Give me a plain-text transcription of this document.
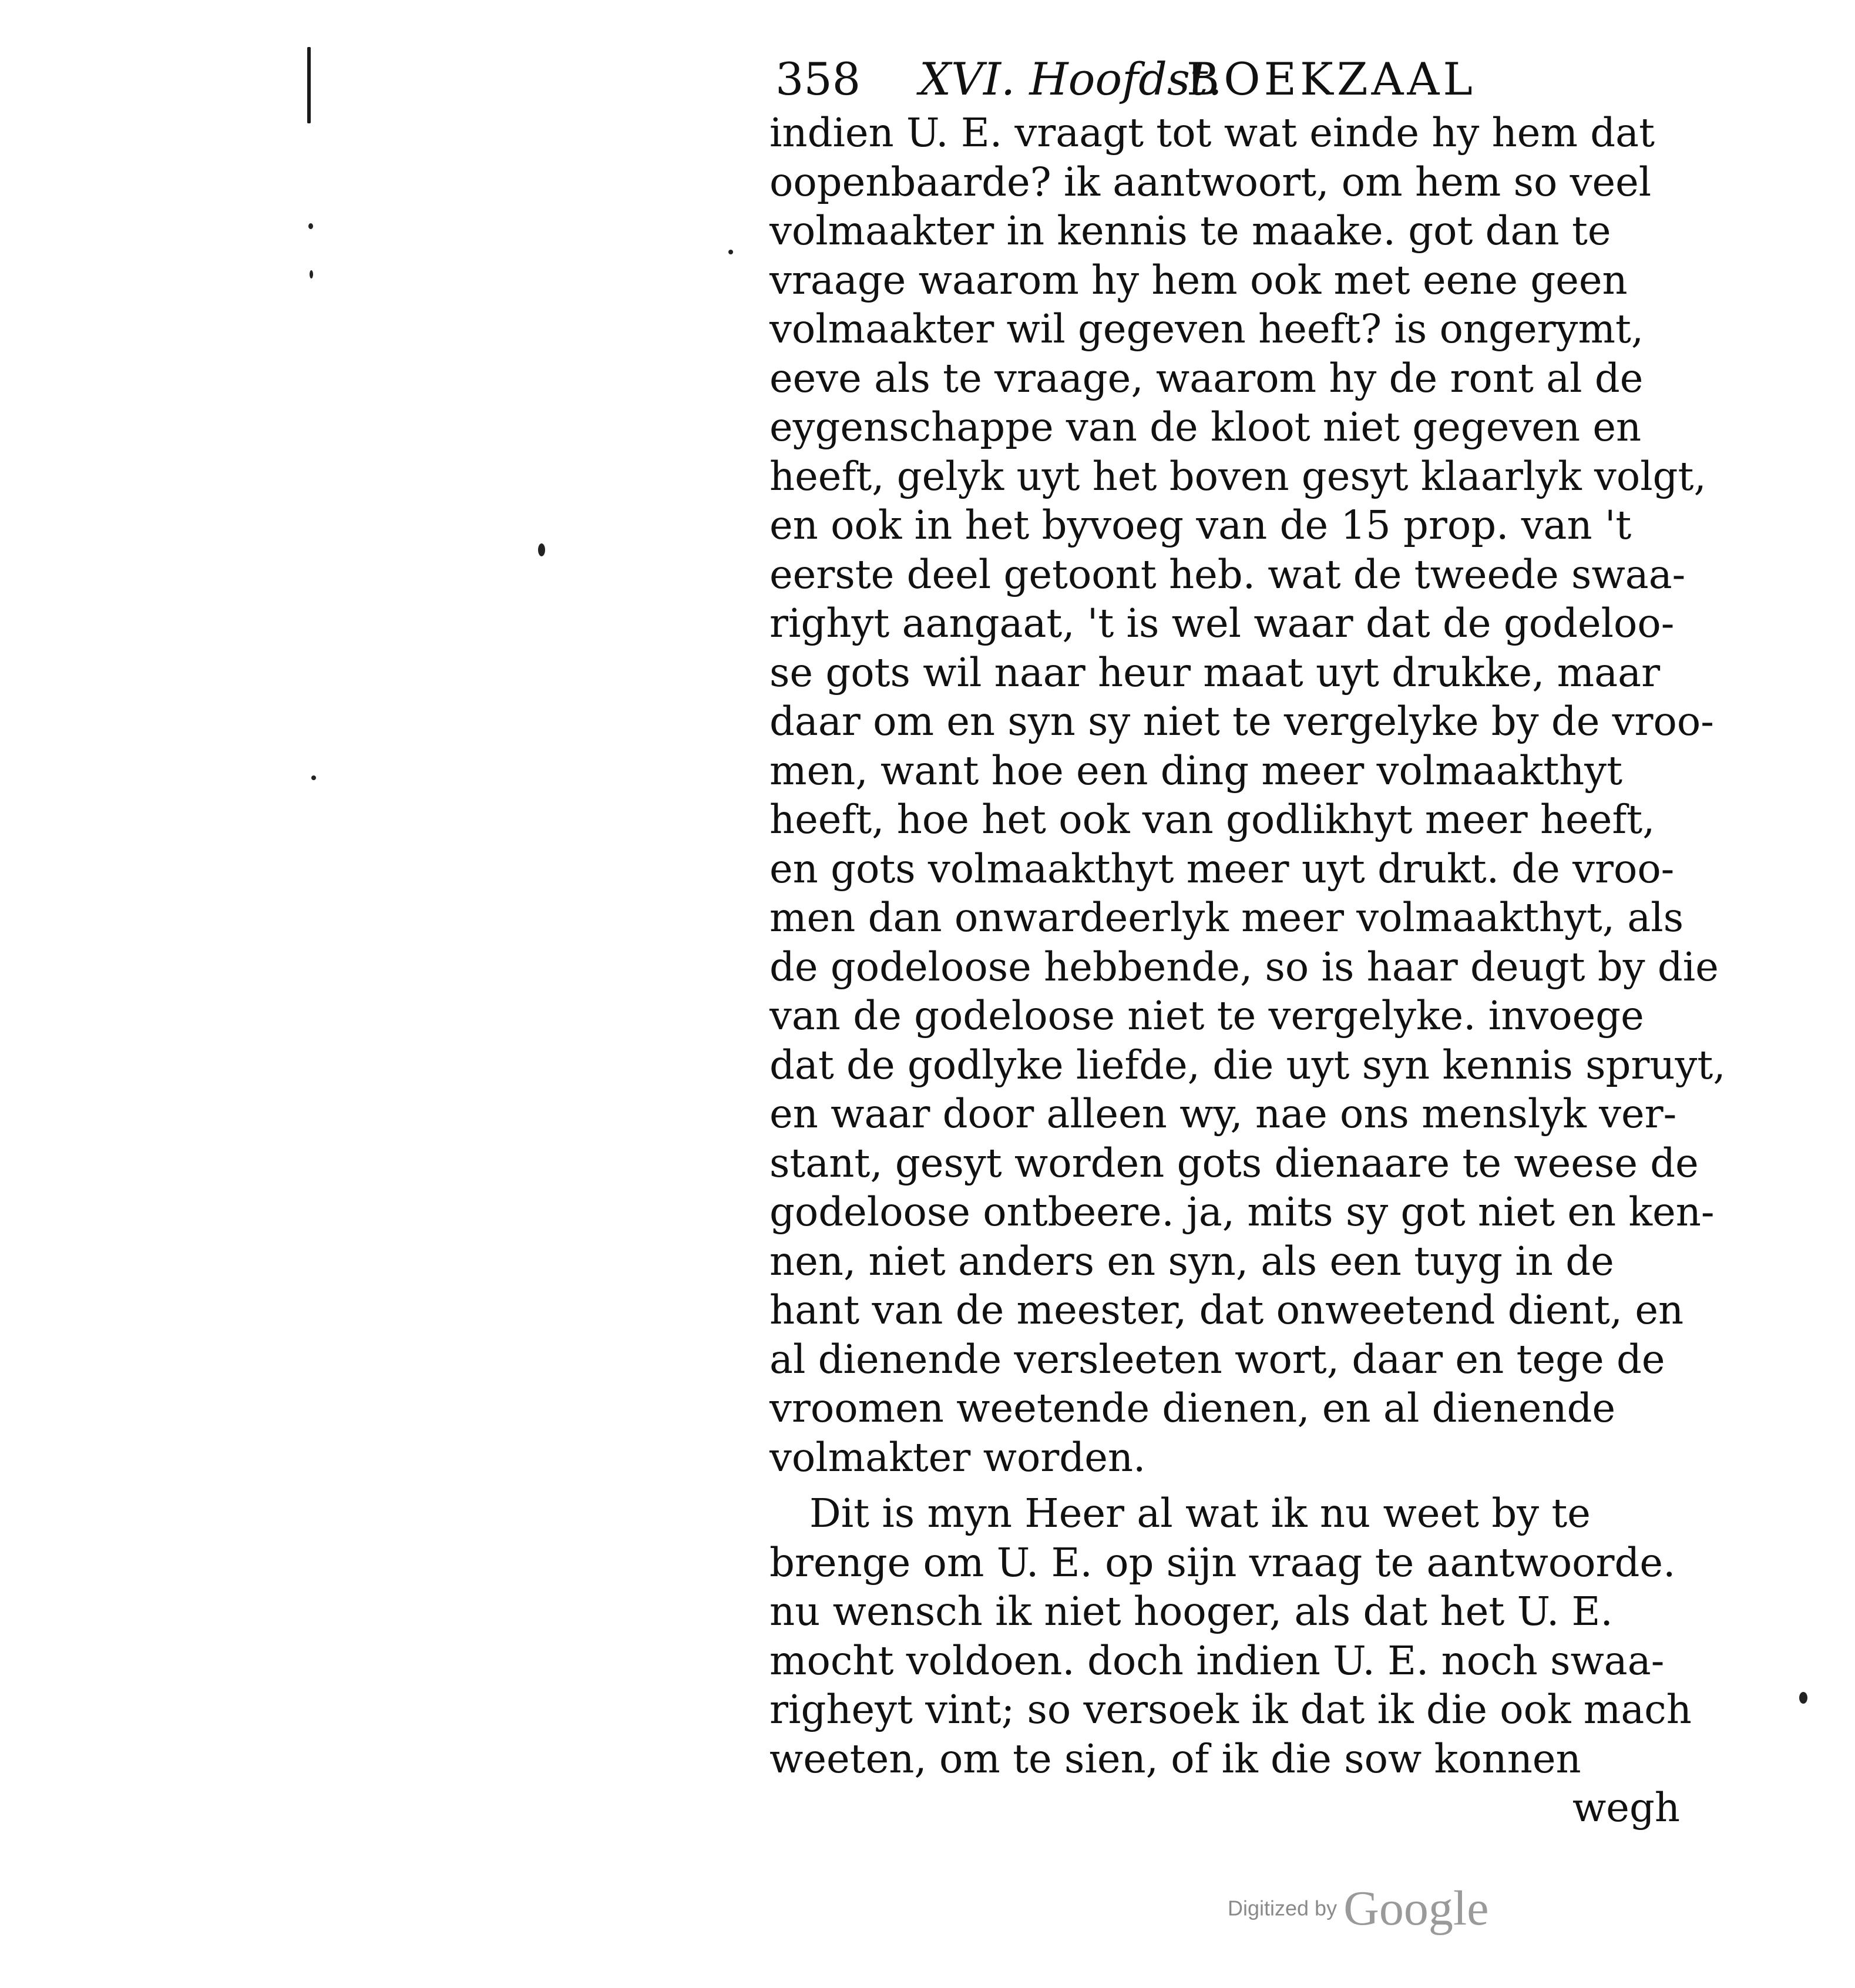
358 XVI. Hoofdst.
BOEKZAAL
indien U. E. vraagt tot wat einde hy hem dat
oopenbaarde? ik aantwoort, om hem so veel
volmaakter in kennis te maake. got dan te
vraage waarom hy hem ook met eene geen
volmaakter wil gegeven heeft? is ongerymt,
eeve als te vraage, waarom hy de ront al de
eygenschappe van de kloot niet gegeven en
heeft, gelyk uyt het boven gesyt klaarlyk volgt,
en ook in het byvoeg van de 15 prop. van 't
eerste deel getoont heb. wat de tweede swaa-
righyt aangaat, 't is wel waar dat de godeloo-
se gots wil naar heur maat uyt drukke, maar
daar om en syn sy niet te vergelyke by de vroo-
men, want hoe een ding meer volmaakthyt
heeft, hoe het ook van godlikhyt meer heeft,
en gots volmaakthyt meer uyt drukt. de vroo-
men dan onwardeerlyk meer volmaakthyt, als
de godeloose hebbende, so is haar deugt by die
van de godeloose niet te vergelyke. invoege
dat de godlyke liefde, die uyt syn kennis spruyt,
en waar door alleen wy, nae ons menslyk ver-
stant, gesyt worden gots dienaare te weese de
godeloose ontbeere. ja, mits sy got niet en ken-
nen, niet anders en syn, als een tuyg in de
hant van de meester, dat onweetend dient, en
al dienende versleeten wort, daar en tege de
vroomen weetende dienen, en al dienende
volmakter worden.
Dit is myn Heer al wat ik nu weet by te
brenge om U. E. op sijn vraag te aantwoorde.
nu wensch ik niet hooger, als dat het U. E.
mocht voldoen. doch indien U. E. noch swaa-
righeyt vint; so versoek ik dat ik die ook mach
weeten, om te sien, of ik die sow konnen
wegh
Digitized by Google
